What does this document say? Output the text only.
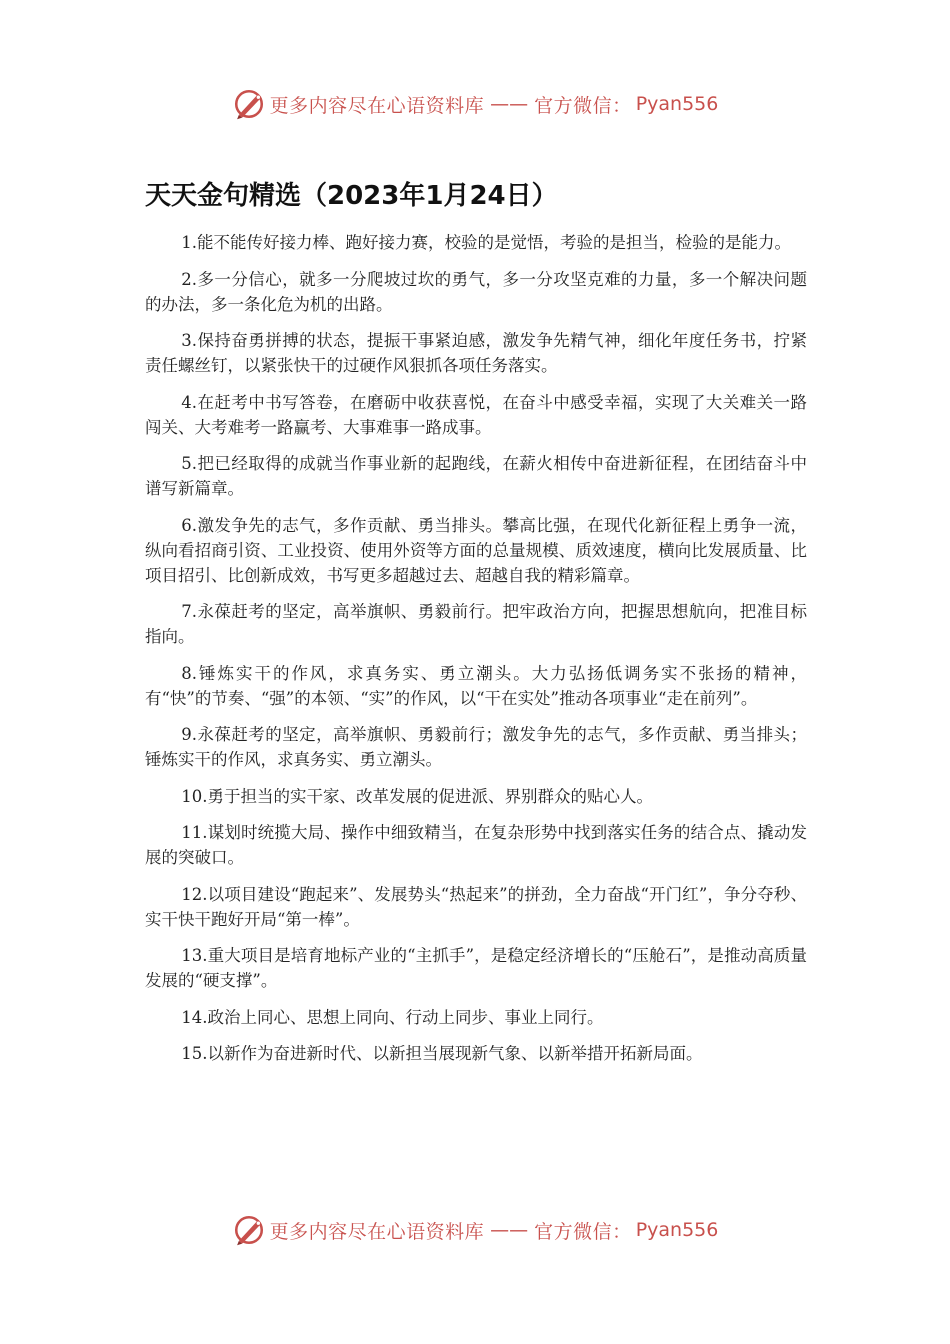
更多内容尽在心语资料库 —— 官方微信： Pyan556
天天金句精选（2023年1月24日）
1.能不能传好接力棒、跑好接力赛，校验的是觉悟，考验的是担当，检验的是能力。
2.多一分信心，就多一分爬坡过坎的勇气，多一分攻坚克难的力量，多一个解决问题的办法，多一条化危为机的出路。
3.保持奋勇拼搏的状态，提振干事紧迫感，激发争先精气神，细化年度任务书，拧紧责任螺丝钉，以紧张快干的过硬作风狠抓各项任务落实。
4.在赶考中书写答卷，在磨砺中收获喜悦，在奋斗中感受幸福，实现了大关难关一路闯关、大考难考一路赢考、大事难事一路成事。
5.把已经取得的成就当作事业新的起跑线，在薪火相传中奋进新征程，在团结奋斗中谱写新篇章。
6.激发争先的志气，多作贡献、勇当排头。攀高比强，在现代化新征程上勇争一流，纵向看招商引资、工业投资、使用外资等方面的总量规模、质效速度，横向比发展质量、比项目招引、比创新成效，书写更多超越过去、超越自我的精彩篇章。
7.永葆赶考的坚定，高举旗帜、勇毅前行。把牢政治方向，把握思想航向，把准目标指向。
8.锤炼实干的作风，求真务实、勇立潮头。大力弘扬低调务实不张扬的精神，有“快”的节奏、“强”的本领、“实”的作风，以“干在实处”推动各项事业“走在前列”。
9.永葆赶考的坚定，高举旗帜、勇毅前行；激发争先的志气，多作贡献、勇当排头；锤炼实干的作风，求真务实、勇立潮头。
10.勇于担当的实干家、改革发展的促进派、界别群众的贴心人。
11.谋划时统揽大局、操作中细致精当，在复杂形势中找到落实任务的结合点、撬动发展的突破口。
12.以项目建设“跑起来”、发展势头“热起来”的拼劲，全力奋战“开门红”，争分夺秒、实干快干跑好开局“第一棒”。
13.重大项目是培育地标产业的“主抓手”，是稳定经济增长的“压舱石”，是推动高质量发展的“硬支撑”。
14.政治上同心、思想上同向、行动上同步、事业上同行。
15.以新作为奋进新时代、以新担当展现新气象、以新举措开拓新局面。
更多内容尽在心语资料库 —— 官方微信： Pyan556
